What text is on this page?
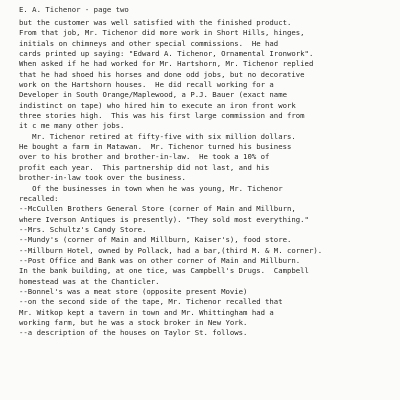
E. A. Tichenor - page two
but the customer was well satisfied with the finished product.
From that job, Mr. Tichenor did more work in Short Hills, hinges,
initials on chimneys and other special commissions.  He had
cards printed up saying: "Edward A. Tichenor, Ornamental Ironwork".
When asked if he had worked for Mr. Hartshorn, Mr. Tichenor replied
that he had shoed his horses and done odd jobs, but no decorative
work on the Hartshorn houses.  He did recall working for a
Developer in South Orange/Maplewood, a P.J. Bauer (exact name
indistinct on tape) who hired him to execute an iron front work
three stories high.  This was his first large commission and from
it c me many other jobs.
Mr. Tichenor retired at fifty-five with six million dollars.
He bought a farm in Matawan.  Mr. Tichenor turned his business
over to his brother and brother-in-law.  He took a 10% of
profit each year.  This partnership did not last, and his
brother-in-law took over the business.
Of the businesses in town when he was young, Mr. Tichenor
recalled:
--McCullen Brothers General Store (corner of Main and Millburn,
where Iverson Antiques is presently). "They sold most everything."
--Mrs. Schultz's Candy Store.
--Mundy's (corner of Main and Millburn, Kaiser's), food store.
--Millburn Hotel, owned by Pollack, had a bar,(third M. & M. corner).
--Post Office and Bank was on other corner of Main and Millburn.
In the bank building, at one tice, was Campbell's Drugs.  Campbell
homestead was at the Chanticler.
--Bonnel's was a meat store (opposite present Movie)
--on the second side of the tape, Mr. Tichenor recalled that
Mr. Witkop kept a tavern in town and Mr. Whittingham had a
working farm, but he was a stock broker in New York.
--a description of the houses on Taylor St. follows.
